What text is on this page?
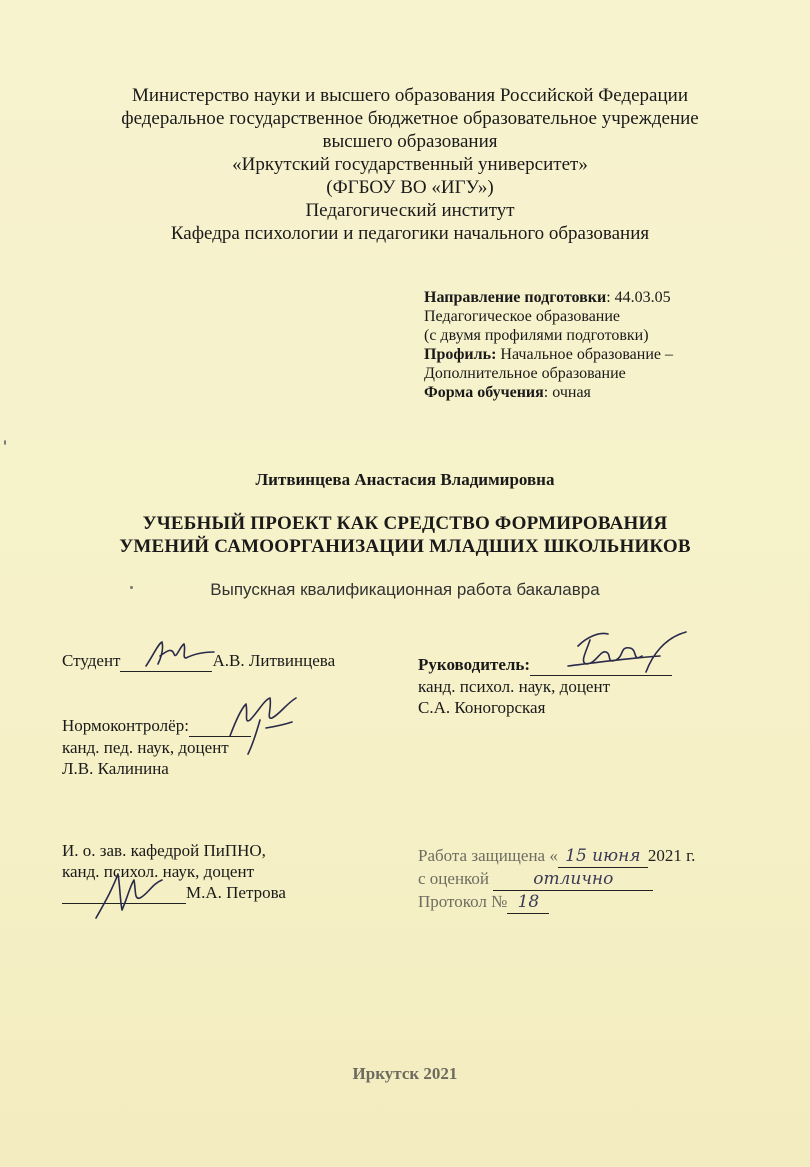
Министерство науки и высшего образования Российской Федерации
федеральное государственное бюджетное образовательное учреждение
высшего образования
«Иркутский государственный университет»
(ФГБОУ ВО «ИГУ»)
Педагогический институт
Кафедра психологии и педагогики начального образования
Направление подготовки: 44.03.05
Педагогическое образование
(с двумя профилями подготовки)
Профиль: Начальное образование –
Дополнительное образование
Форма обучения: очная
Литвинцева Анастасия Владимировна
УЧЕБНЫЙ ПРОЕКТ КАК СРЕДСТВО ФОРМИРОВАНИЯ
УМЕНИЙ САМООРГАНИЗАЦИИ МЛАДШИХ ШКОЛЬНИКОВ
Выпускная квалификационная работа бакалавра
Студент	А.В. Литвинцева	Руководитель:
канд. психол. наук, доцент
С.А. Коногорская
Нормоконтролёр:
канд. пед. наук, доцент
Л.В. Калинина
И. о. зав. кафедрой ПиПНО,
канд. психол. наук, доцент
М.А. Петрова
Работа защищена « 15 июня 2021 г.
с оценкой	отлично
Протокол № 18
Иркутск 2021
